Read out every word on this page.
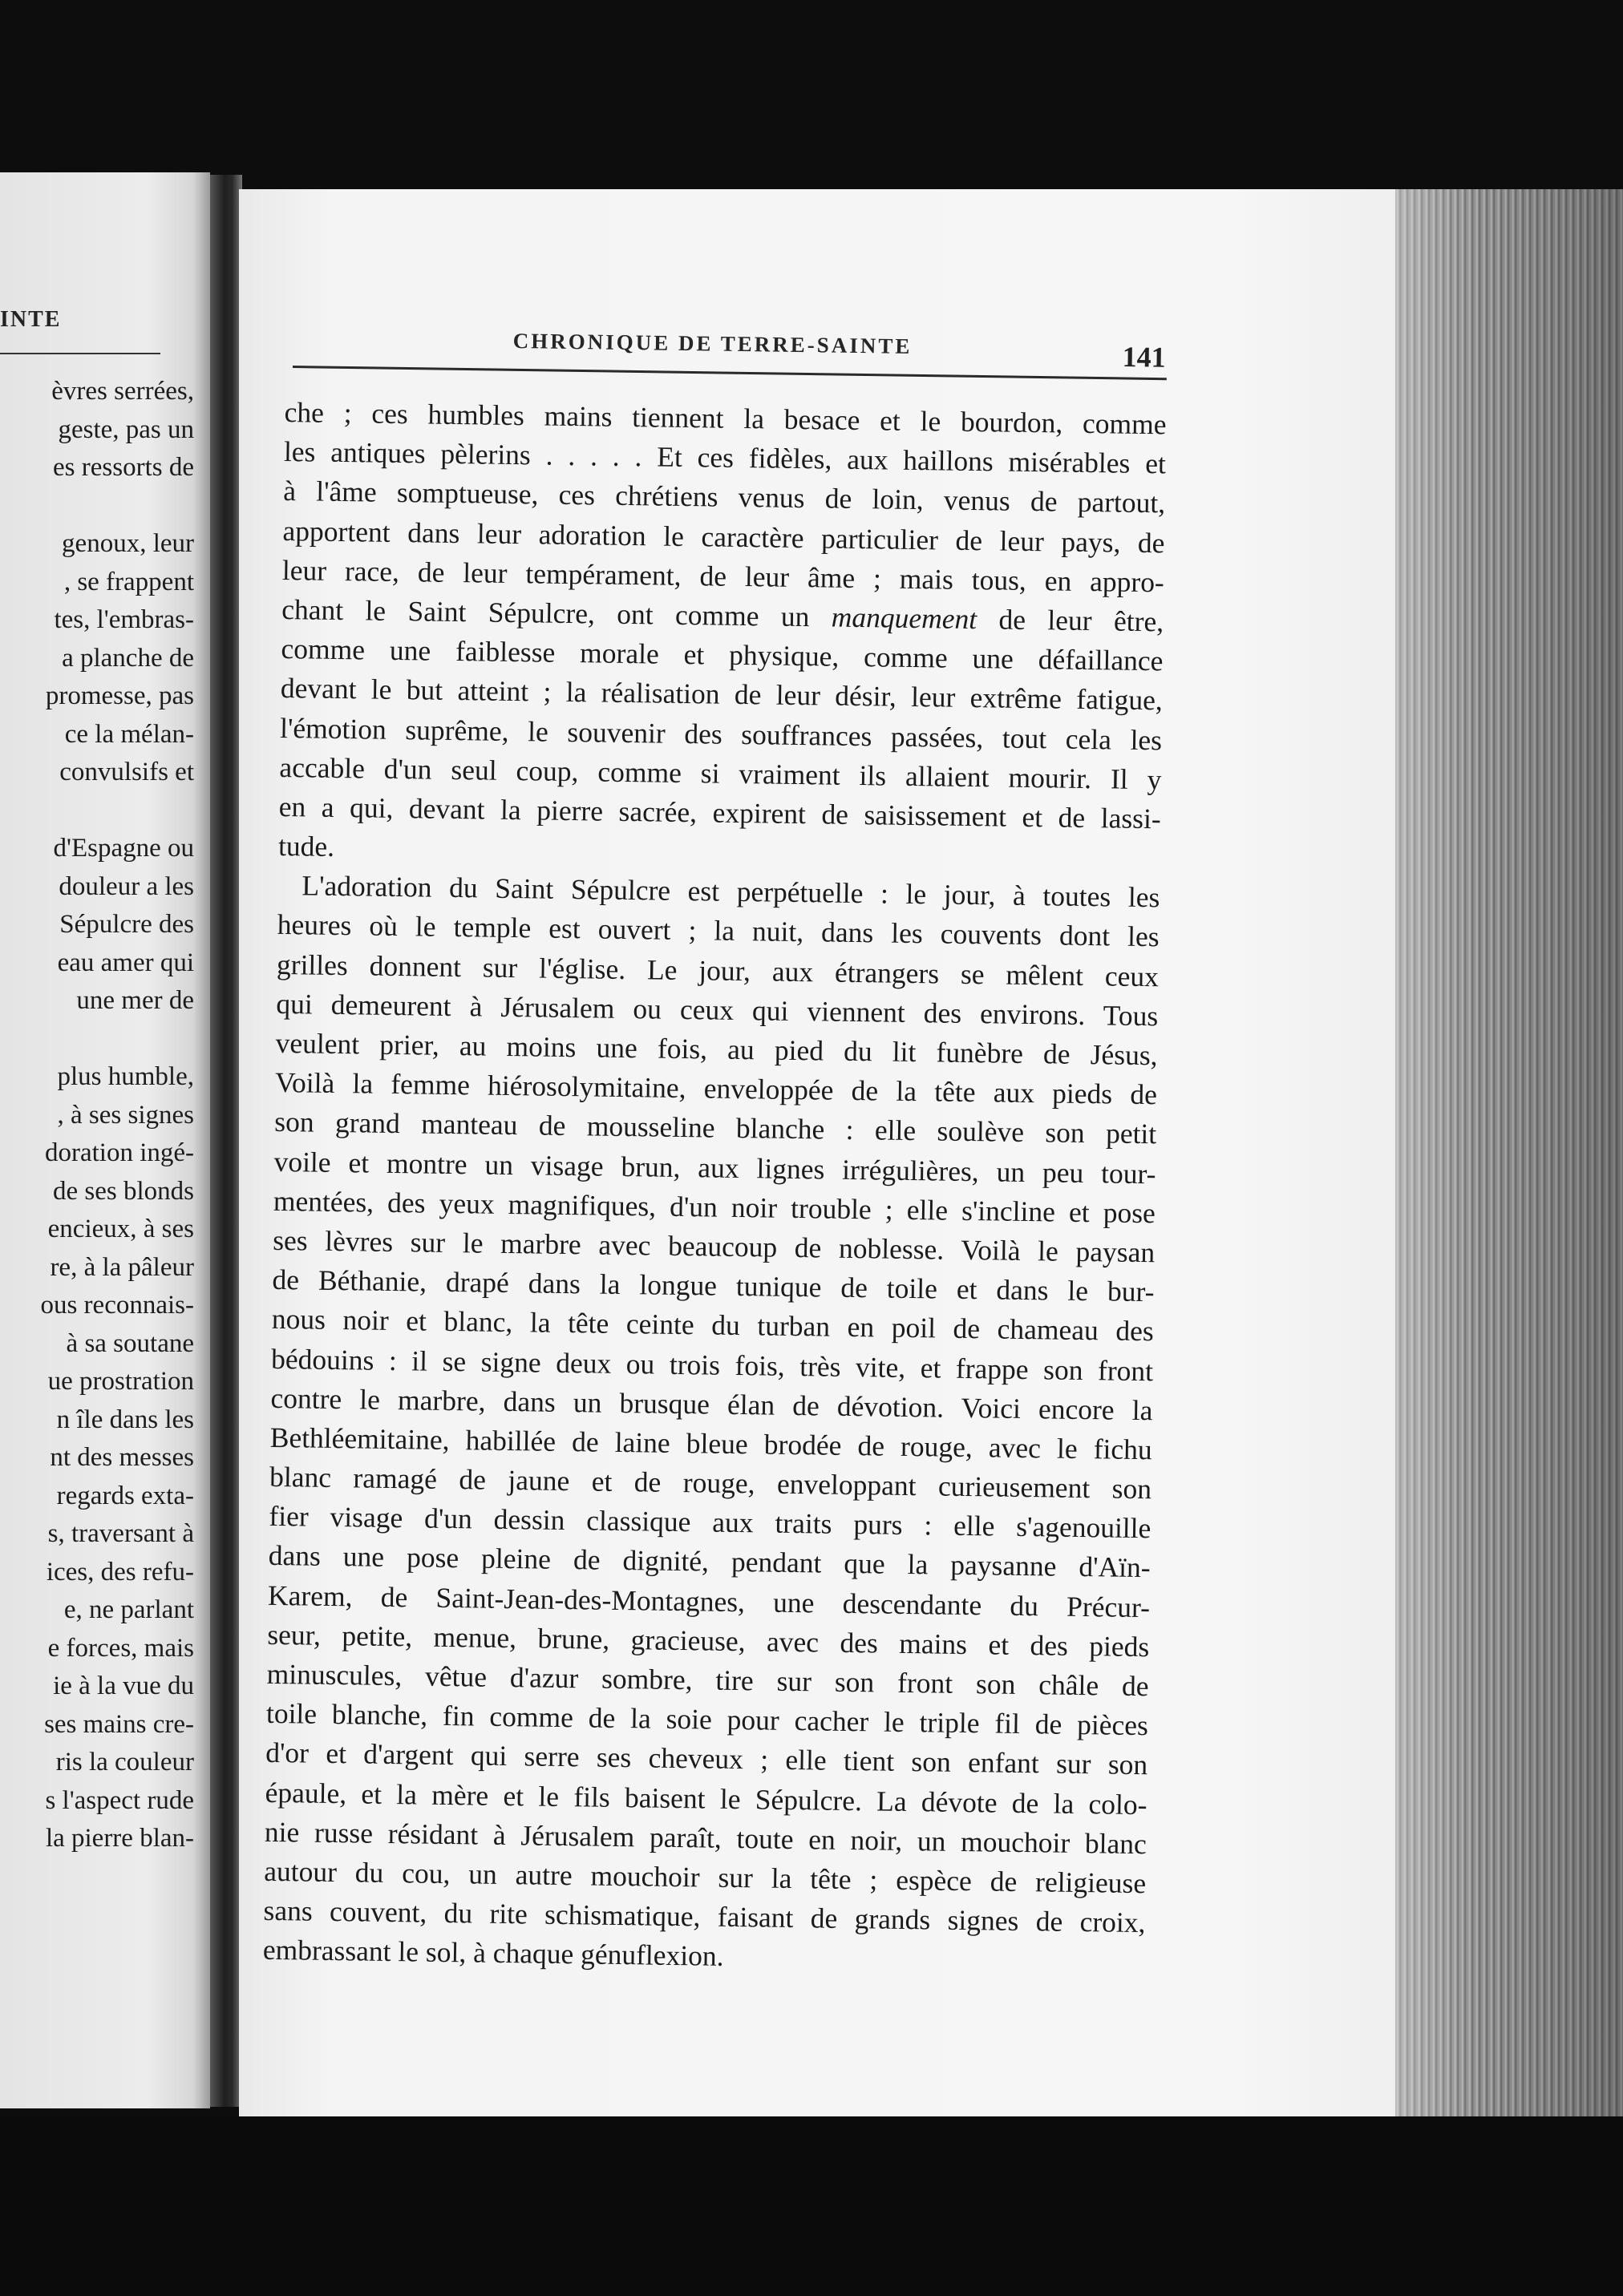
INTE
èvres serrées,
geste, pas un
es ressorts de
genoux, leur
, se frappent
tes, l'embras-
a planche de
promesse, pas
ce la mélan-
convulsifs et
d'Espagne ou
douleur a les
Sépulcre des
eau amer qui
une mer de
plus humble,
, à ses signes
doration ingé-
de ses blonds
encieux, à ses
re, à la pâleur
ous reconnais-
à sa soutane
ue prostration
n île dans les
nt des messes
regards exta-
s, traversant à
ices, des refu-
e, ne parlant
e forces, mais
ie à la vue du
ses mains cre-
ris la couleur
s l'aspect rude
la pierre blan-
CHRONIQUE DE TERRE-SAINTE	141
che ; ces humbles mains tiennent la besace et le bourdon, comme
les antiques pèlerins . . . . . Et ces fidèles, aux haillons misérables et
à l'âme somptueuse, ces chrétiens venus de loin, venus de partout,
apportent dans leur adoration le caractère particulier de leur pays, de
leur race, de leur tempérament, de leur âme ; mais tous, en appro-
chant le Saint Sépulcre, ont comme un manquement de leur être,
comme une faiblesse morale et physique, comme une défaillance
devant le but atteint ; la réalisation de leur désir, leur extrême fatigue,
l'émotion suprême, le souvenir des souffrances passées, tout cela les
accable d'un seul coup, comme si vraiment ils allaient mourir. Il y
en a qui, devant la pierre sacrée, expirent de saisissement et de lassi-
tude.
L'adoration du Saint Sépulcre est perpétuelle : le jour, à toutes les
heures où le temple est ouvert ; la nuit, dans les couvents dont les
grilles donnent sur l'église. Le jour, aux étrangers se mêlent ceux
qui demeurent à Jérusalem ou ceux qui viennent des environs. Tous
veulent prier, au moins une fois, au pied du lit funèbre de Jésus,
Voilà la femme hiérosolymitaine, enveloppée de la tête aux pieds de
son grand manteau de mousseline blanche : elle soulève son petit
voile et montre un visage brun, aux lignes irrégulières, un peu tour-
mentées, des yeux magnifiques, d'un noir trouble ; elle s'incline et pose
ses lèvres sur le marbre avec beaucoup de noblesse. Voilà le paysan
de Béthanie, drapé dans la longue tunique de toile et dans le bur-
nous noir et blanc, la tête ceinte du turban en poil de chameau des
bédouins : il se signe deux ou trois fois, très vite, et frappe son front
contre le marbre, dans un brusque élan de dévotion. Voici encore la
Bethléemitaine, habillée de laine bleue brodée de rouge, avec le fichu
blanc ramagé de jaune et de rouge, enveloppant curieusement son
fier visage d'un dessin classique aux traits purs : elle s'agenouille
dans une pose pleine de dignité, pendant que la paysanne d'Aïn-
Karem, de Saint-Jean-des-Montagnes, une descendante du Précur-
seur, petite, menue, brune, gracieuse, avec des mains et des pieds
minuscules, vêtue d'azur sombre, tire sur son front son châle de
toile blanche, fin comme de la soie pour cacher le triple fil de pièces
d'or et d'argent qui serre ses cheveux ; elle tient son enfant sur son
épaule, et la mère et le fils baisent le Sépulcre. La dévote de la colo-
nie russe résidant à Jérusalem paraît, toute en noir, un mouchoir blanc
autour du cou, un autre mouchoir sur la tête ; espèce de religieuse
sans couvent, du rite schismatique, faisant de grands signes de croix,
embrassant le sol, à chaque génuflexion.
